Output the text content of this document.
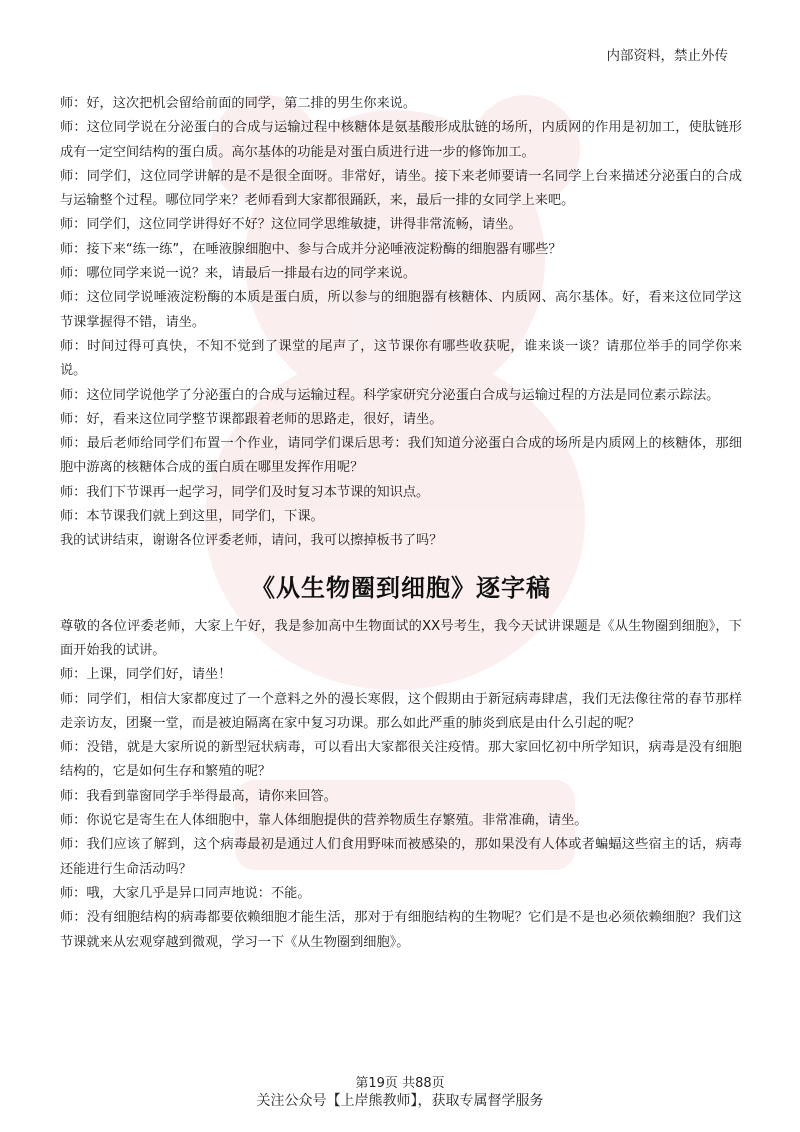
内部资料，禁止外传

师：好，这次把机会留给前面的同学，第二排的男生你来说。

师：这位同学说在分泌蛋白的合成与运输过程中核糖体是氨基酸形成肽链的场所，内质网的作用是初加工，使肽链形成有一定空间结构的蛋白质。高尔基体的功能是对蛋白质进行进一步的修饰加工。

师：同学们，这位同学讲解的是不是很全面呀。非常好，请坐。接下来老师要请一名同学上台来描述分泌蛋白的合成与运输整个过程。哪位同学来？老师看到大家都很踊跃，来，最后一排的女同学上来吧。

师：同学们，这位同学讲得好不好？这位同学思维敏捷，讲得非常流畅，请坐。

师：接下来“练一练”，在唾液腺细胞中、参与合成并分泌唾液淀粉酶的细胞器有哪些？

师：哪位同学来说一说？来，请最后一排最右边的同学来说。

师：这位同学说唾液淀粉酶的本质是蛋白质，所以参与的细胞器有核糖体、内质网、高尔基体。好，看来这位同学这节课掌握得不错，请坐。

师：时间过得可真快，不知不觉到了课堂的尾声了，这节课你有哪些收获呢，谁来谈一谈？请那位举手的同学你来说。

师：这位同学说他学了分泌蛋白的合成与运输过程。科学家研究分泌蛋白合成与运输过程的方法是同位素示踪法。

师：好，看来这位同学整节课都跟着老师的思路走，很好，请坐。

师：最后老师给同学们布置一个作业，请同学们课后思考：我们知道分泌蛋白合成的场所是内质网上的核糖体，那细胞中游离的核糖体合成的蛋白质在哪里发挥作用呢？

师：我们下节课再一起学习，同学们及时复习本节课的知识点。

师：本节课我们就上到这里，同学们，下课。

我的试讲结束，谢谢各位评委老师，请问，我可以擦掉板书了吗？

《从生物圈到细胞》逐字稿

尊敬的各位评委老师，大家上午好，我是参加高中生物面试的XX号考生，我今天试讲课题是《从生物圈到细胞》，下面开始我的试讲。

师：上课，同学们好，请坐！

师：同学们，相信大家都度过了一个意料之外的漫长寒假，这个假期由于新冠病毒肆虐，我们无法像往常的春节那样走亲访友，团聚一堂，而是被迫隔离在家中复习功课。那么如此严重的肺炎到底是由什么引起的呢？

师：没错，就是大家所说的新型冠状病毒，可以看出大家都很关注疫情。那大家回忆初中所学知识，病毒是没有细胞结构的，它是如何生存和繁殖的呢？

师：我看到靠窗同学手举得最高，请你来回答。

师：你说它是寄生在人体细胞中，靠人体细胞提供的营养物质生存繁殖。非常准确，请坐。

师：我们应该了解到，这个病毒最初是通过人们食用野味而被感染的，那如果没有人体或者蝙蝠这些宿主的话，病毒还能进行生命活动吗？

师：哦，大家几乎是异口同声地说：不能。

师：没有细胞结构的病毒都要依赖细胞才能生活，那对于有细胞结构的生物呢？它们是不是也必须依赖细胞？我们这节课就来从宏观穿越到微观，学习一下《从生物圈到细胞》。

第19页 共88页
关注公众号【上岸熊教师】，获取专属督学服务
